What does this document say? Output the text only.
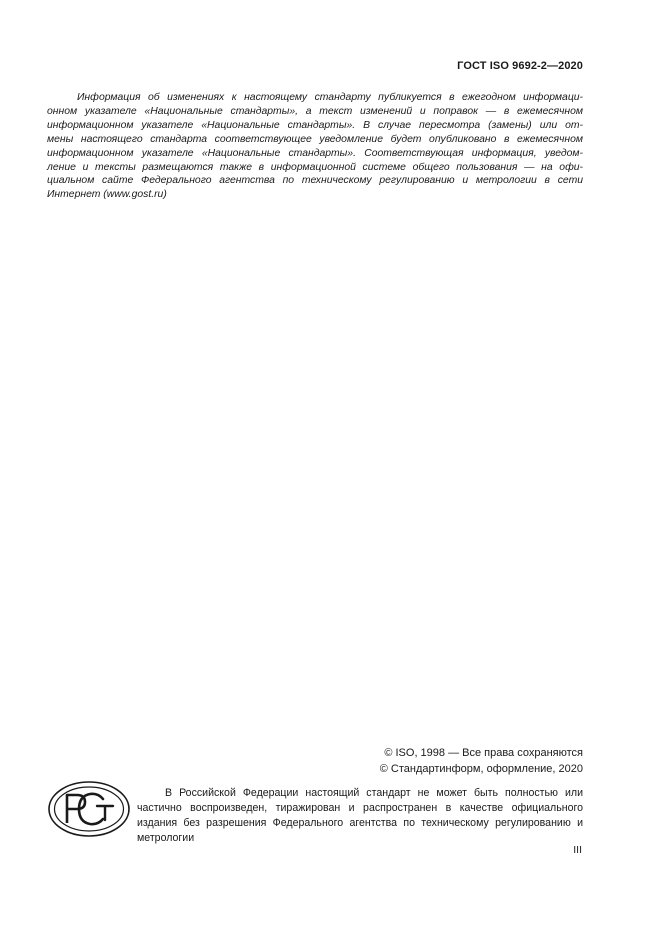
ГОСТ ISO 9692-2—2020
Информация об изменениях к настоящему стандарту публикуется в ежегодном информаци-
онном указателе «Национальные стандарты», а текст изменений и поправок — в ежемесячном
информационном указателе «Национальные стандарты». В случае пересмотра (замены) или от-
мены настоящего стандарта соответствующее уведомление будет опубликовано в ежемесячном
информационном указателе «Национальные стандарты». Соответствующая информация, уведом-
ление и тексты размещаются также в информационной системе общего пользования — на офи-
циальном сайте Федерального агентства по техническому регулированию и метрологии в сети
Интернет (www.gost.ru)
© ISO, 1998 — Все права сохраняются
© Стандартинформ, оформление, 2020
В Российской Федерации настоящий стандарт не может быть полностью или
частично воспроизведен, тиражирован и распространен в качестве официального
издания без разрешения Федерального агентства по техническому регулированию и
метрологии
III
